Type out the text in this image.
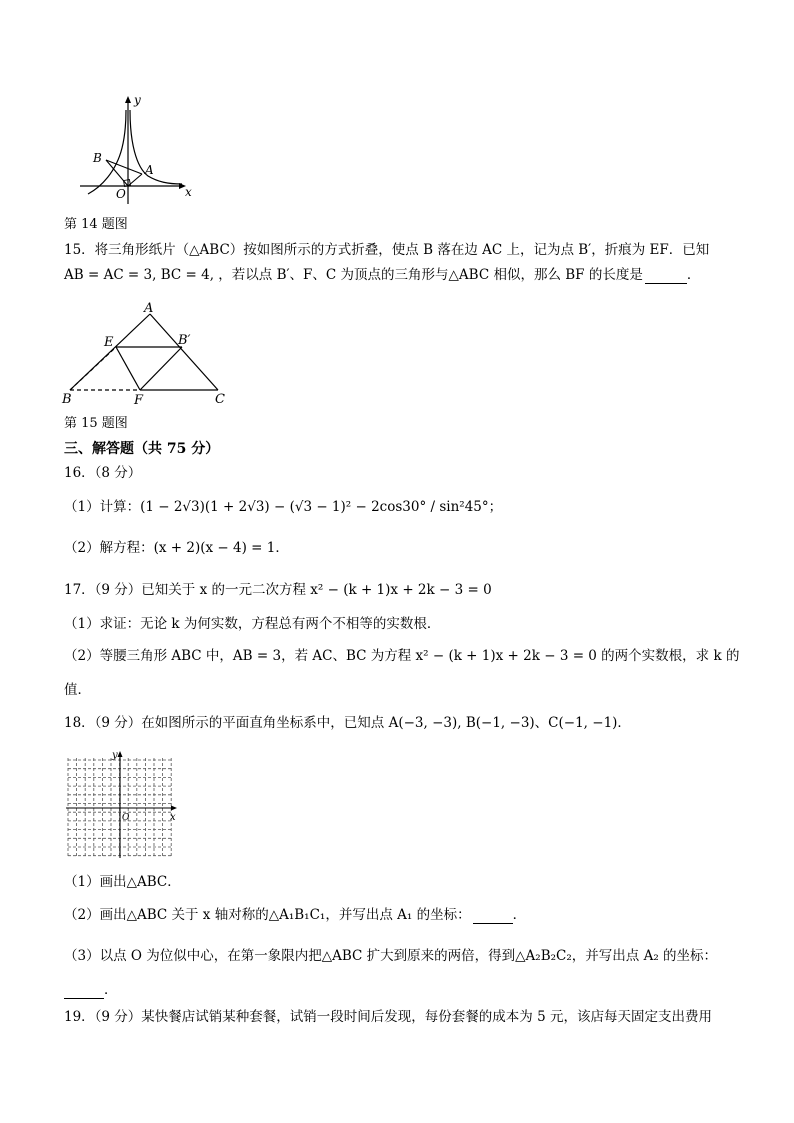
y
x
O
A
B
第 14 题图
15．将三角形纸片（△ABC）按如图所示的方式折叠，使点 B 落在边 AC 上，记为点 B′，折痕为 EF．已知
AB = AC = 3, BC = 4, ，若以点 B′、F、C 为顶点的三角形与△ABC 相似，那么 BF 的长度是	．
A
E	B′
B	F	C
第 15 题图
三、解答题（共 75 分）
16．（8 分）
（1）计算：(1 − 2√3)(1 + 2√3) − (√3 − 1)² − 2cos30° / sin²45°；
（2）解方程：(x + 2)(x − 4) = 1．
17．（9 分）已知关于 x 的一元二次方程 x² − (k + 1)x + 2k − 3 = 0
（1）求证：无论 k 为何实数，方程总有两个不相等的实数根．
（2）等腰三角形 ABC 中，AB = 3，若 AC、BC 为方程 x² − (k + 1)x + 2k − 3 = 0 的两个实数根，求 k 的
值．
18．（9 分）在如图所示的平面直角坐标系中，已知点 A(−3, −3), B(−1, −3)、C(−1, −1)．
y
x
O
（1）画出△ABC．
（2）画出△ABC 关于 x 轴对称的△A₁B₁C₁，并写出点 A₁ 的坐标：	．
（3）以点 O 为位似中心，在第一象限内把△ABC 扩大到原来的两倍，得到△A₂B₂C₂，并写出点 A₂ 的坐标：
．
19．（9 分）某快餐店试销某种套餐，试销一段时间后发现，每份套餐的成本为 5 元，该店每天固定支出费用
